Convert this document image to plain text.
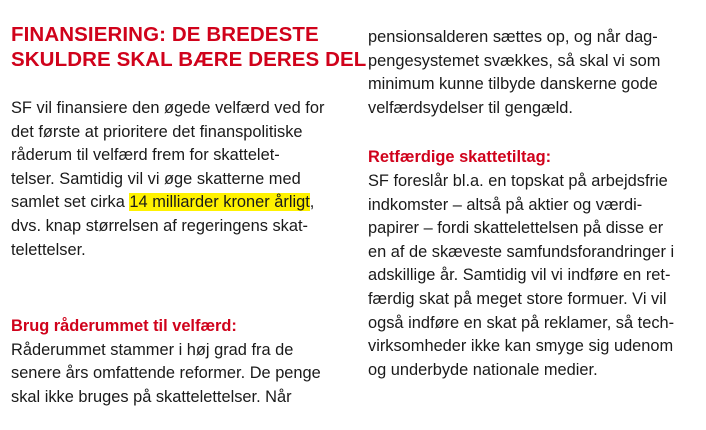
FINANSIERING: DE BREDESTE
SKULDRE SKAL BÆRE DERES DEL

SF vil finansiere den øgede velfærd ved for
det første at prioritere det finanspolitiske
råderum til velfærd frem for skattelet-
telser. Samtidig vil vi øge skatterne med
samlet set cirka 14 milliarder kroner årligt,
dvs. knap størrelsen af regeringens skat-
telettelser.

Brug råderummet til velfærd:

Råderummet stammer i høj grad fra de
senere års omfattende reformer. De penge
skal ikke bruges på skattelettelser. Når

pensionsalderen sættes op, og når dag-
pengesystemet svækkes, så skal vi som
minimum kunne tilbyde danskerne gode
velfærdsydelser til gengæld.

Retfærdige skattetiltag:

SF foreslår bl.a. en topskat på arbejdsfrie
indkomster – altså på aktier og værdi-
papirer – fordi skattelettelsen på disse er
en af de skæveste samfundsforandringer i
adskillige år. Samtidig vil vi indføre en ret-
færdig skat på meget store formuer. Vi vil
også indføre en skat på reklamer, så tech-
virksomheder ikke kan smyge sig udenom
og underbyde nationale medier.
